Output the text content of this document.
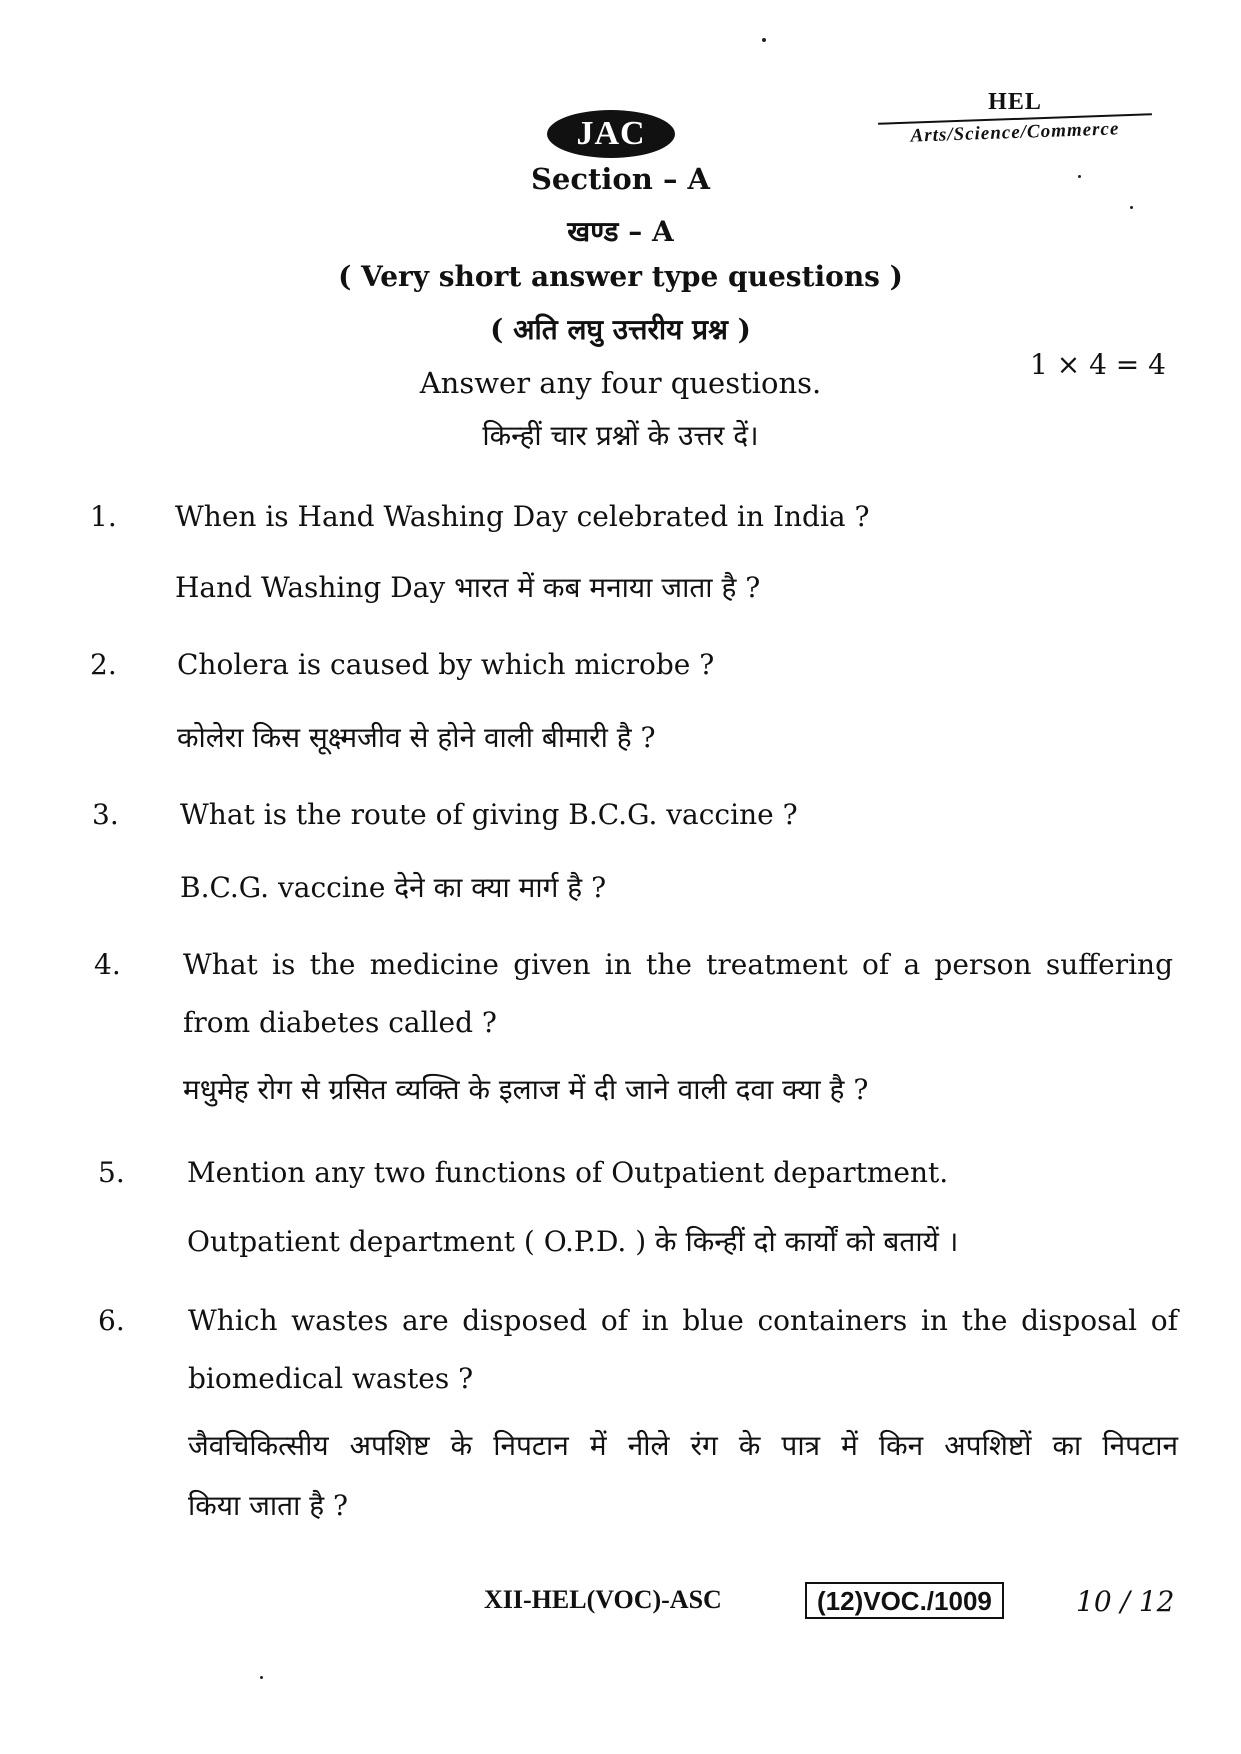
HEL
Arts/Science/Commerce
JAC
Section – A
खण्ड – A
( Very short answer type questions )
( अति लघु उत्तरीय प्रश्न )
Answer any four questions.
किन्हीं चार प्रश्नों के उत्तर दें।
1 × 4 = 4
1. When is Hand Washing Day celebrated in India ?
Hand Washing Day भारत में कब मनाया जाता है ?
2. Cholera is caused by which microbe ?
कोलेरा किस सूक्ष्मजीव से होने वाली बीमारी है ?
3. What is the route of giving B.C.G. vaccine ?
B.C.G. vaccine देने का क्या मार्ग है ?
4. What is the medicine given in the treatment of a person suffering
from diabetes called ?
मधुमेह रोग से ग्रसित व्यक्ति के इलाज में दी जाने वाली दवा क्या है ?
5. Mention any two functions of Outpatient department.
Outpatient department ( O.P.D. ) के किन्हीं दो कार्यों को बतायें ।
6. Which wastes are disposed of in blue containers in the disposal of
biomedical wastes ?
जैवचिकित्सीय अपशिष्ट के निपटान में नीले रंग के पात्र में किन अपशिष्टों का निपटान
किया जाता है ?
XII-HEL(VOC)-ASC	(12)VOC./1009	10 / 12
